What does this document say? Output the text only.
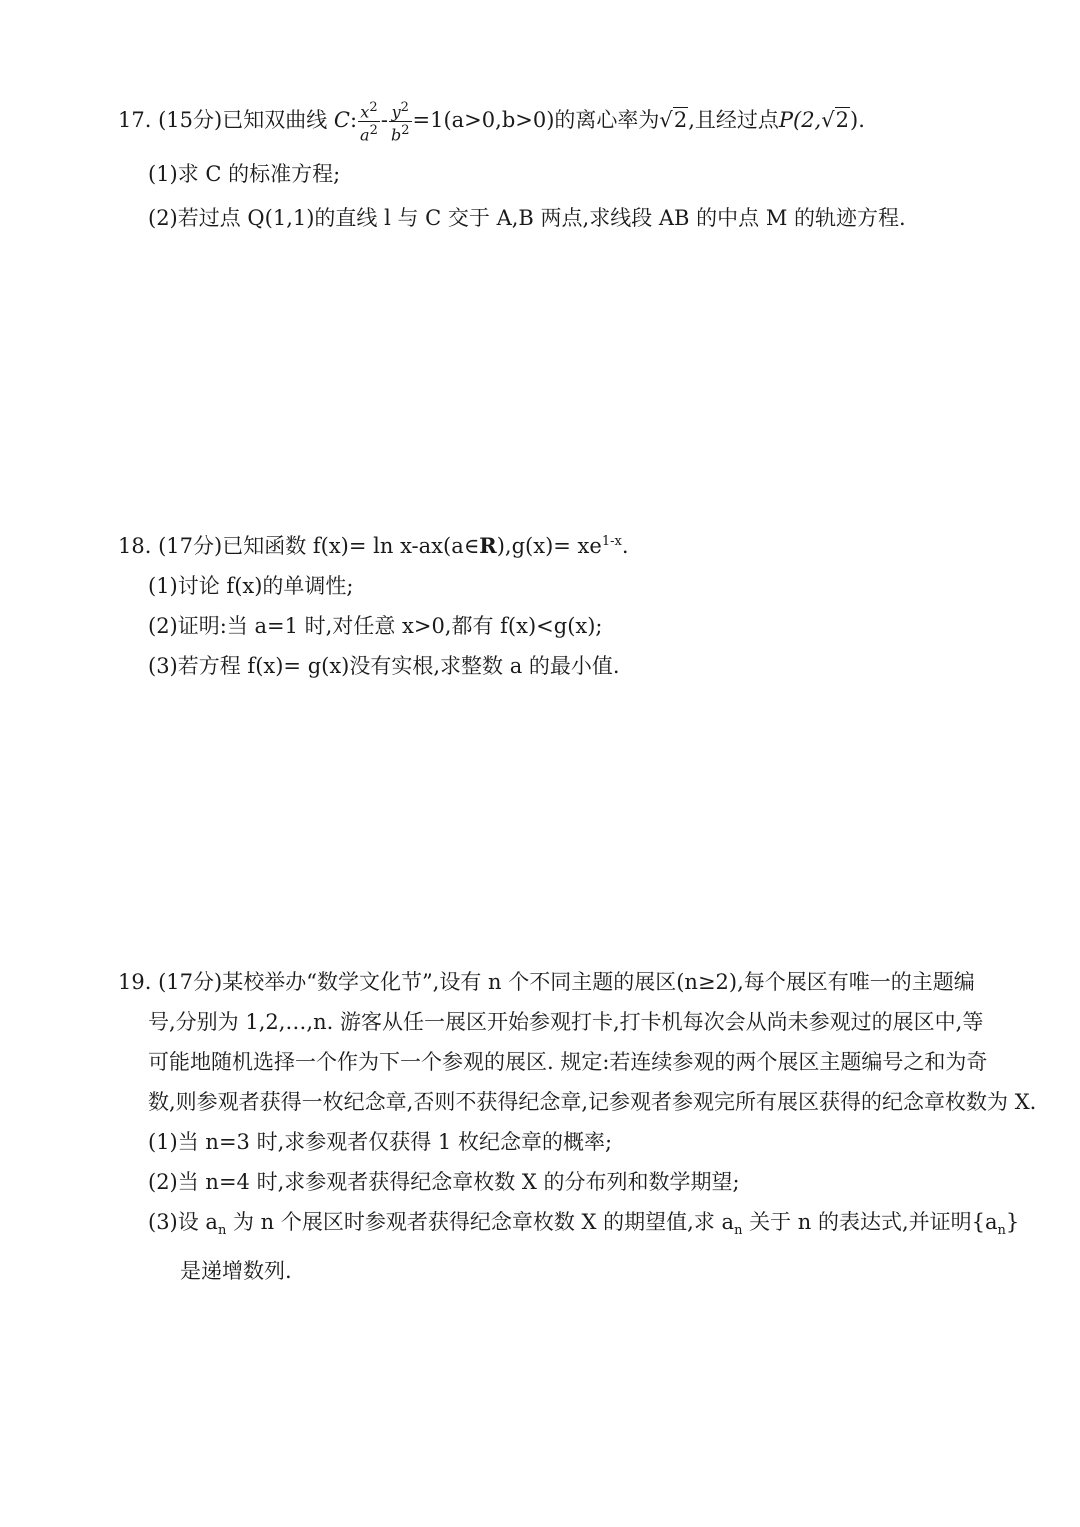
17. (15分)已知双曲线 C: $\frac{x^2}{a^2} - \frac{y^2}{b^2} =1(a>0,b>0)$的离心率为√2,且经过点P(2,√2).
(1)求 C 的标准方程;
(2)若过点 Q(1,1)的直线 l 与 C 交于 A,B 两点,求线段 AB 的中点 M 的轨迹方程.
18. (17分)已知函数 f(x)= ln x-ax(a∈R),g(x)= $xe^{1-x}$.
(1)讨论 f(x)的单调性;
(2)证明:当 a=1 时,对任意 x>0,都有 f(x)<g(x);
(3)若方程 f(x)= g(x)没有实根,求整数 a 的最小值.
19. (17分)某校举办“数学文化节”,设有 n 个不同主题的展区(n≥2),每个展区有唯一的主题编
号,分别为 1,2,…,n. 游客从任一展区开始参观打卡,打卡机每次会从尚未参观过的展区中,等
可能地随机选择一个作为下一个参观的展区. 规定:若连续参观的两个展区主题编号之和为奇
数,则参观者获得一枚纪念章,否则不获得纪念章,记参观者参观完所有展区获得的纪念章枚数为 X.
(1)当 n=3 时,求参观者仅获得 1 枚纪念章的概率;
(2)当 n=4 时,求参观者获得纪念章枚数 X 的分布列和数学期望;
(3)设 $a_n$ 为 n 个展区时参观者获得纪念章枚数 X 的期望值,求 $a_n$ 关于 n 的表达式,并证明$\{a_n\}$
是递增数列.
